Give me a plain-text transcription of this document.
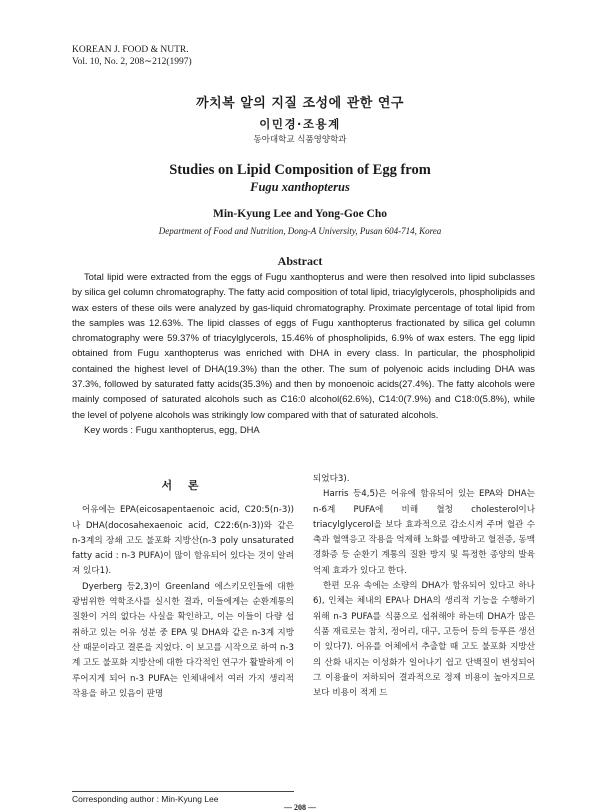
KOREAN J. FOOD & NUTR.
Vol. 10, No. 2, 208∼212(1997)
까치복 알의 지질 조성에 관한 연구
이민경·조용계
동아대학교 식품영양학과
Studies on Lipid Composition of Egg from
Fugu xanthopterus
Min-Kyung Lee and Yong-Goe Cho
Department of Food and Nutrition, Dong-A University, Pusan 604-714, Korea
Abstract
Total lipid were extracted from the eggs of Fugu xanthopterus and were then resolved into lipid subclasses by silica gel column chromatography. The fatty acid composition of total lipid, triacylglycerols, phospholipids and wax esters of these oils were analyzed by gas-liquid chromatography. Proximate percentage of total lipid from the samples was 12.63%. The lipid classes of eggs of Fugu xanthopterus fractionated by silica gel column chromatography were 59.37% of triacylglycerols, 15.46% of phospholipids, 6.9% of wax esters. The egg lipid obtained from Fugu xanthopterus was enriched with DHA in every class. In particular, the phospholipid contained the highest level of DHA(19.3%) than the other. The sum of polyenoic acids including DHA was 37.3%, followed by saturated fatty acids(35.3%) and then by monoenoic acids(27.4%). The fatty alcohols were mainly composed of saturated alcohols such as C16:0 alcohol(62.6%), C14:0(7.9%) and C18:0(5.8%), while the level of polyene alcohols was strikingly low compared with that of saturated alcohols.
Key words : Fugu xanthopterus, egg, DHA
서 론
어유에는 EPA(eicosapentaenoic acid, C20:5(n-3))나 DHA(docosahexaenoic acid, C22:6(n-3))와 같은 n-3계의 장쇄 고도 불포화 지방산(n-3 poly unsaturated fatty acid : n-3 PUFA)이 많이 함유되어 있다는 것이 알려져 있다1).
Dyerberg 등2,3)이 Greenland 에스키모인들에 대한 광범위한 역학조사를 실시한 결과, 이들에게는 순환계통의 질환이 거의 없다는 사실을 확인하고, 이는 이들이 다량 섭취하고 있는 어유 성분 중 EPA 및 DHA와 같은 n-3계 지방산 때문이라고 결론을 지었다. 이 보고를 시작으로 하여 n-3계 고도 불포화 지방산에 대한 다각적인 연구가 활발하게 이루어지게 되어 n-3 PUFA는 인체내에서 여러 가지 생리적 작용을 하고 있음이 판명
되었다3).
Harris 등4,5)은 어유에 함유되어 있는 EPA와 DHA는 n-6계 PUFA에 비해 혈청 cholesterol이나 triacylglycerol을 보다 효과적으로 감소시켜 주며 혈관 수축과 혈액응고 작용을 억제해 노화를 예방하고 혈전증, 동맥경화증 등 순환기 계통의 질환 방지 및 특정한 종양의 발육 억제 효과가 있다고 한다.
한편 모유 속에는 소량의 DHA가 함유되어 있다고 하나6), 인체는 체내의 EPA나 DHA의 생리적 기능을 수행하기 위해 n-3 PUFA를 식품으로 섭취해야 하는데 DHA가 많은 식품 재료로는 참치, 정어리, 대구, 고등어 등의 등푸른 생선이 있다7). 어유를 어체에서 추출할 때 고도 불포화 지방산의 산화 내지는 이성화가 일어나기 쉽고 단백질이 변성되어 그 이용율이 저하되어 결과적으로 정제 비용이 높아지므로 보다 비용이 적게 드
Corresponding author : Min-Kyung Lee
— 208 —
